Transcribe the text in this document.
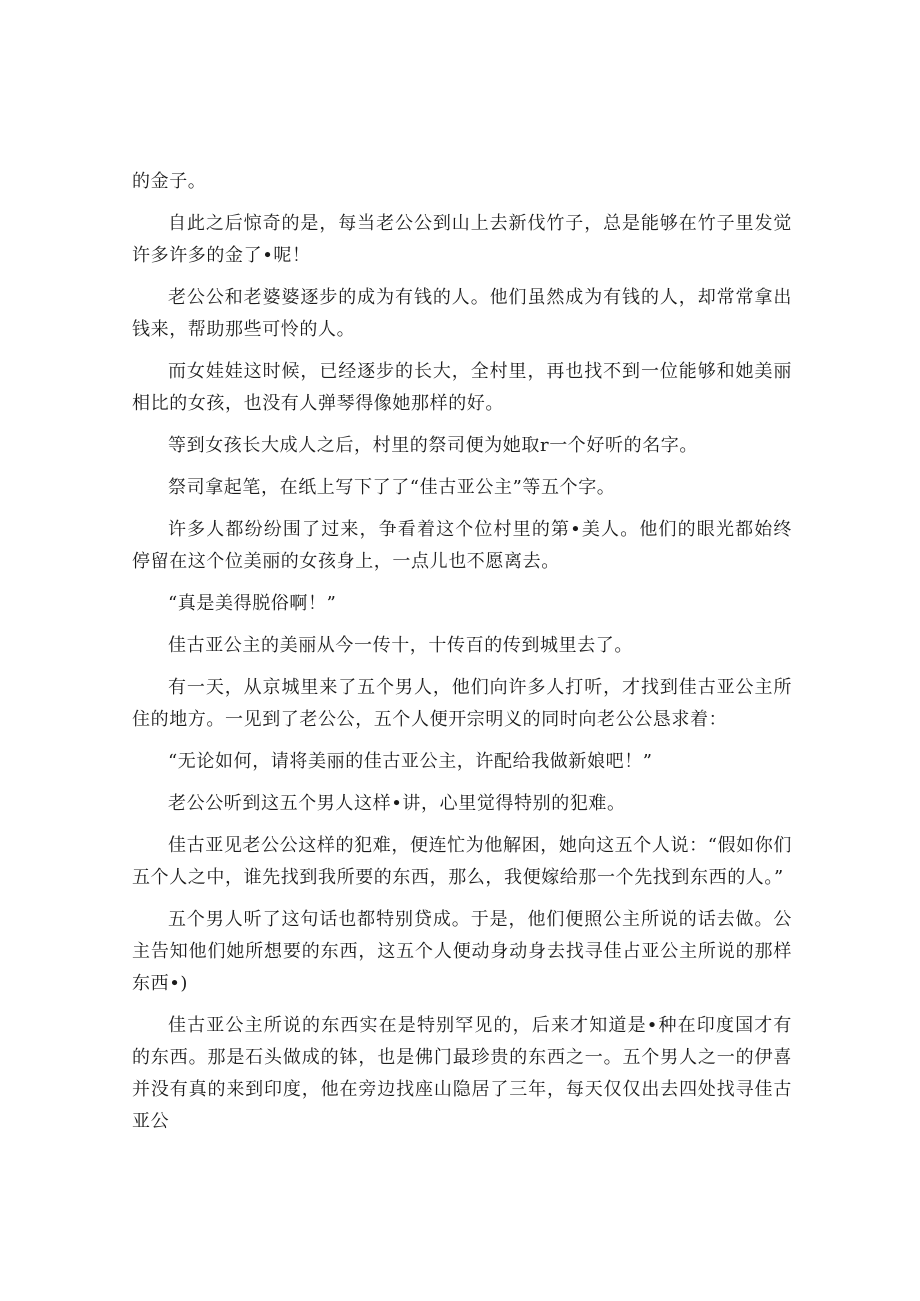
的金子。

自此之后惊奇的是，每当老公公到山上去新伐竹子，总是能够在竹子里发觉许多许多的金了•呢！

老公公和老婆婆逐步的成为有钱的人。他们虽然成为有钱的人，却常常拿出钱来，帮助那些可怜的人。

而女娃娃这时候，已经逐步的长大，全村里，再也找不到一位能够和她美丽相比的女孩，也没有人弹琴得像她那样的好。

等到女孩长大成人之后，村里的祭司便为她取r一个好听的名字。

祭司拿起笔，在纸上写下了了“佳古亚公主”等五个字。

许多人都纷纷围了过来，争看着这个位村里的第•美人。他们的眼光都始终停留在这个位美丽的女孩身上，一点儿也不愿离去。

“真是美得脱俗啊！”

佳古亚公主的美丽从今一传十，十传百的传到城里去了。

有一天，从京城里来了五个男人，他们向许多人打听，才找到佳古亚公主所住的地方。一见到了老公公，五个人便开宗明义的同时向老公公恳求着：

“无论如何，请将美丽的佳古亚公主，许配给我做新娘吧！”

老公公听到这五个男人这样•讲，心里觉得特别的犯难。

佳古亚见老公公这样的犯难，便连忙为他解困，她向这五个人说：“假如你们五个人之中，谁先找到我所要的东西，那么，我便嫁给那一个先找到东西的人。”

五个男人听了这句话也都特别贷成。于是，他们便照公主所说的话去做。公主告知他们她所想要的东西，这五个人便动身动身去找寻佳占亚公主所说的那样东西•)

佳古亚公主所说的东西实在是特别罕见的，后来才知道是•种在印度国才有的东西。那是石头做成的钵，也是佛门最珍贵的东西之一。五个男人之一的伊喜并没有真的来到印度，他在旁边找座山隐居了三年，每天仅仅出去四处找寻佳古亚公
